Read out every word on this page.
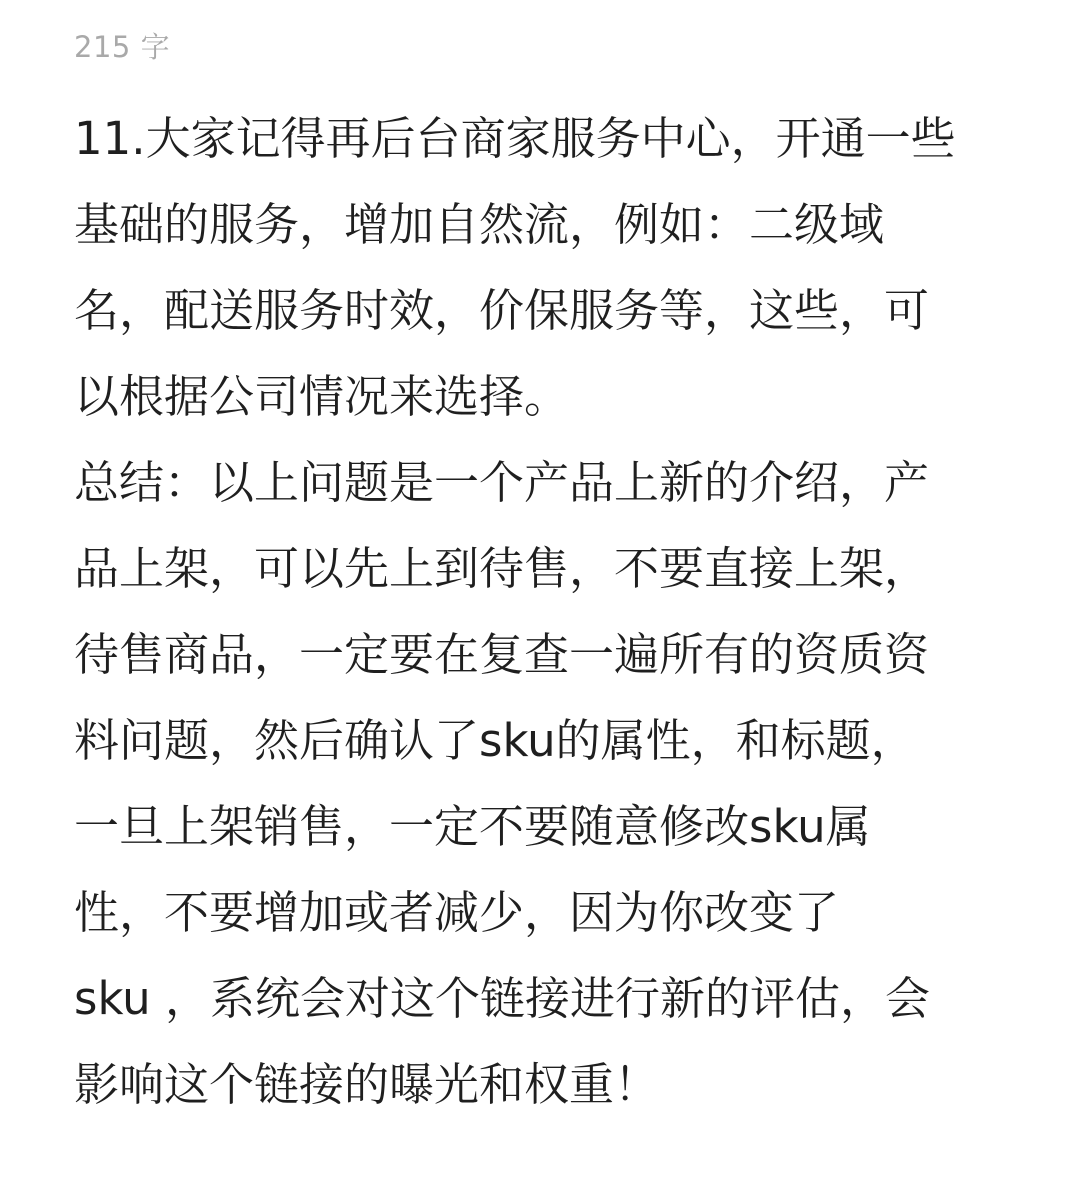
215 字
11.大家记得再后台商家服务中心，开通一些
基础的服务，增加自然流，例如：二级域
名，配送服务时效，价保服务等，这些，可
以根据公司情况来选择。
总结：以上问题是一个产品上新的介绍，产
品上架，可以先上到待售，不要直接上架，
待售商品，一定要在复查一遍所有的资质资
料问题，然后确认了sku的属性，和标题，
一旦上架销售，一定不要随意修改sku属
性，不要增加或者减少，因为你改变了
sku ，系统会对这个链接进行新的评估，会
影响这个链接的曝光和权重！
